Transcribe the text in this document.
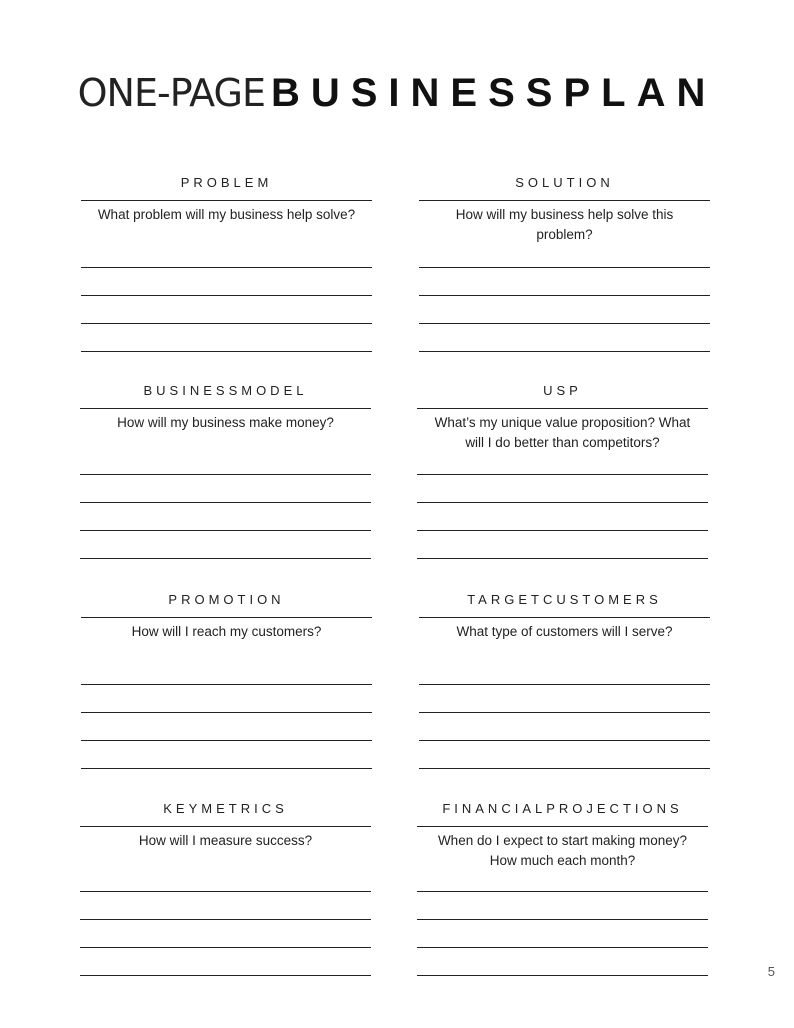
ONE-PAGE BUSINESSPLAN
PROBLEM
What problem will my business help solve?
SOLUTION
How will my business help solve this problem?
BUSINESSMODEL
How will my business make money?
USP
What’s my unique value proposition? What will I do better than competitors?
PROMOTION
How will I reach my customers?
TARGETCUSTOMERS
What type of customers will I serve?
KEYMETRICS
How will I measure success?
FINANCIALPROJECTIONS
When do I expect to start making money? How much each month?
5
